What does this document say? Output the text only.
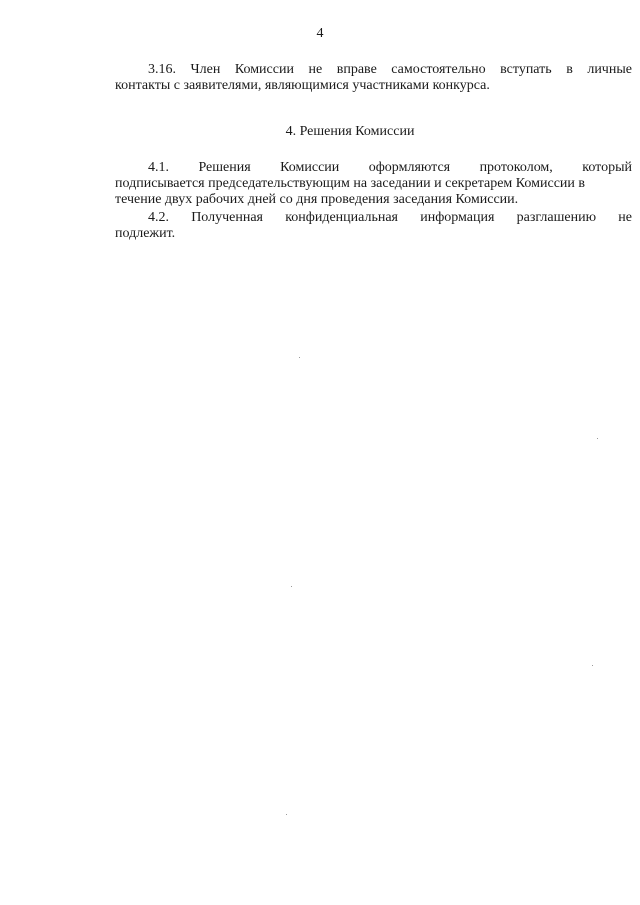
4
3.16. Член Комиссии не вправе самостоятельно вступать в личные
контакты с заявителями, являющимися участниками конкурса.
4. Решения Комиссии
4.1. Решения Комиссии оформляются протоколом, который
подписывается председательствующим на заседании и секретарем Комиссии в
течение двух рабочих дней со дня проведения заседания Комиссии.
4.2. Полученная конфиденциальная информация разглашению не
подлежит.
